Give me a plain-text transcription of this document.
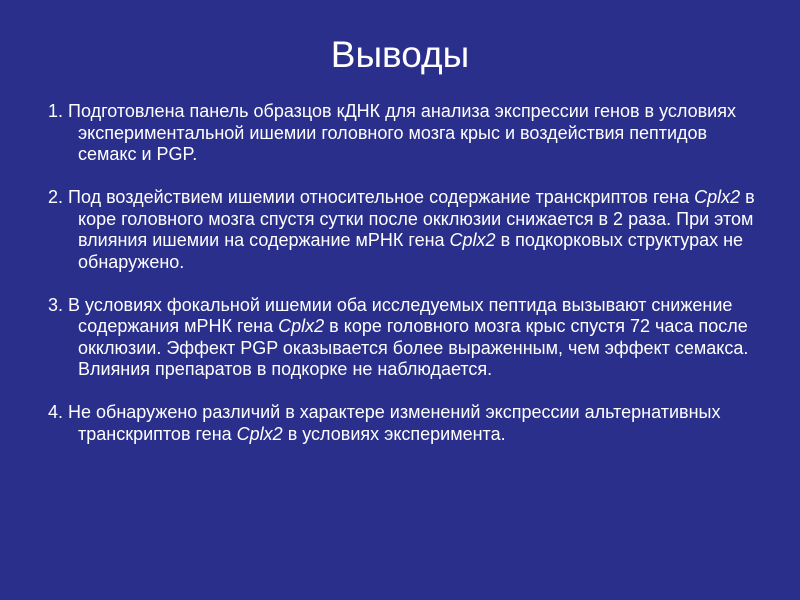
Выводы

1. Подготовлена панель образцов кДНК для анализа экспрессии генов в условиях экспериментальной ишемии головного мозга крыс и воздействия пептидов семакс и PGP.

2. Под воздействием ишемии относительное содержание транскриптов гена Cplx2 в коре головного мозга спустя сутки после окклюзии снижается в 2 раза. При этом влияния ишемии на содержание мРНК гена Cplx2 в подкорковых структурах не обнаружено.

3. В условиях фокальной ишемии оба исследуемых пептида вызывают снижение содержания мРНК гена Cplx2 в коре головного мозга крыс спустя 72 часа после окклюзии. Эффект PGP оказывается более выраженным, чем эффект семакса. Влияния препаратов в подкорке не наблюдается.

4. Не обнаружено различий в характере изменений экспрессии альтернативных транскриптов гена Cplx2 в условиях эксперимента.
